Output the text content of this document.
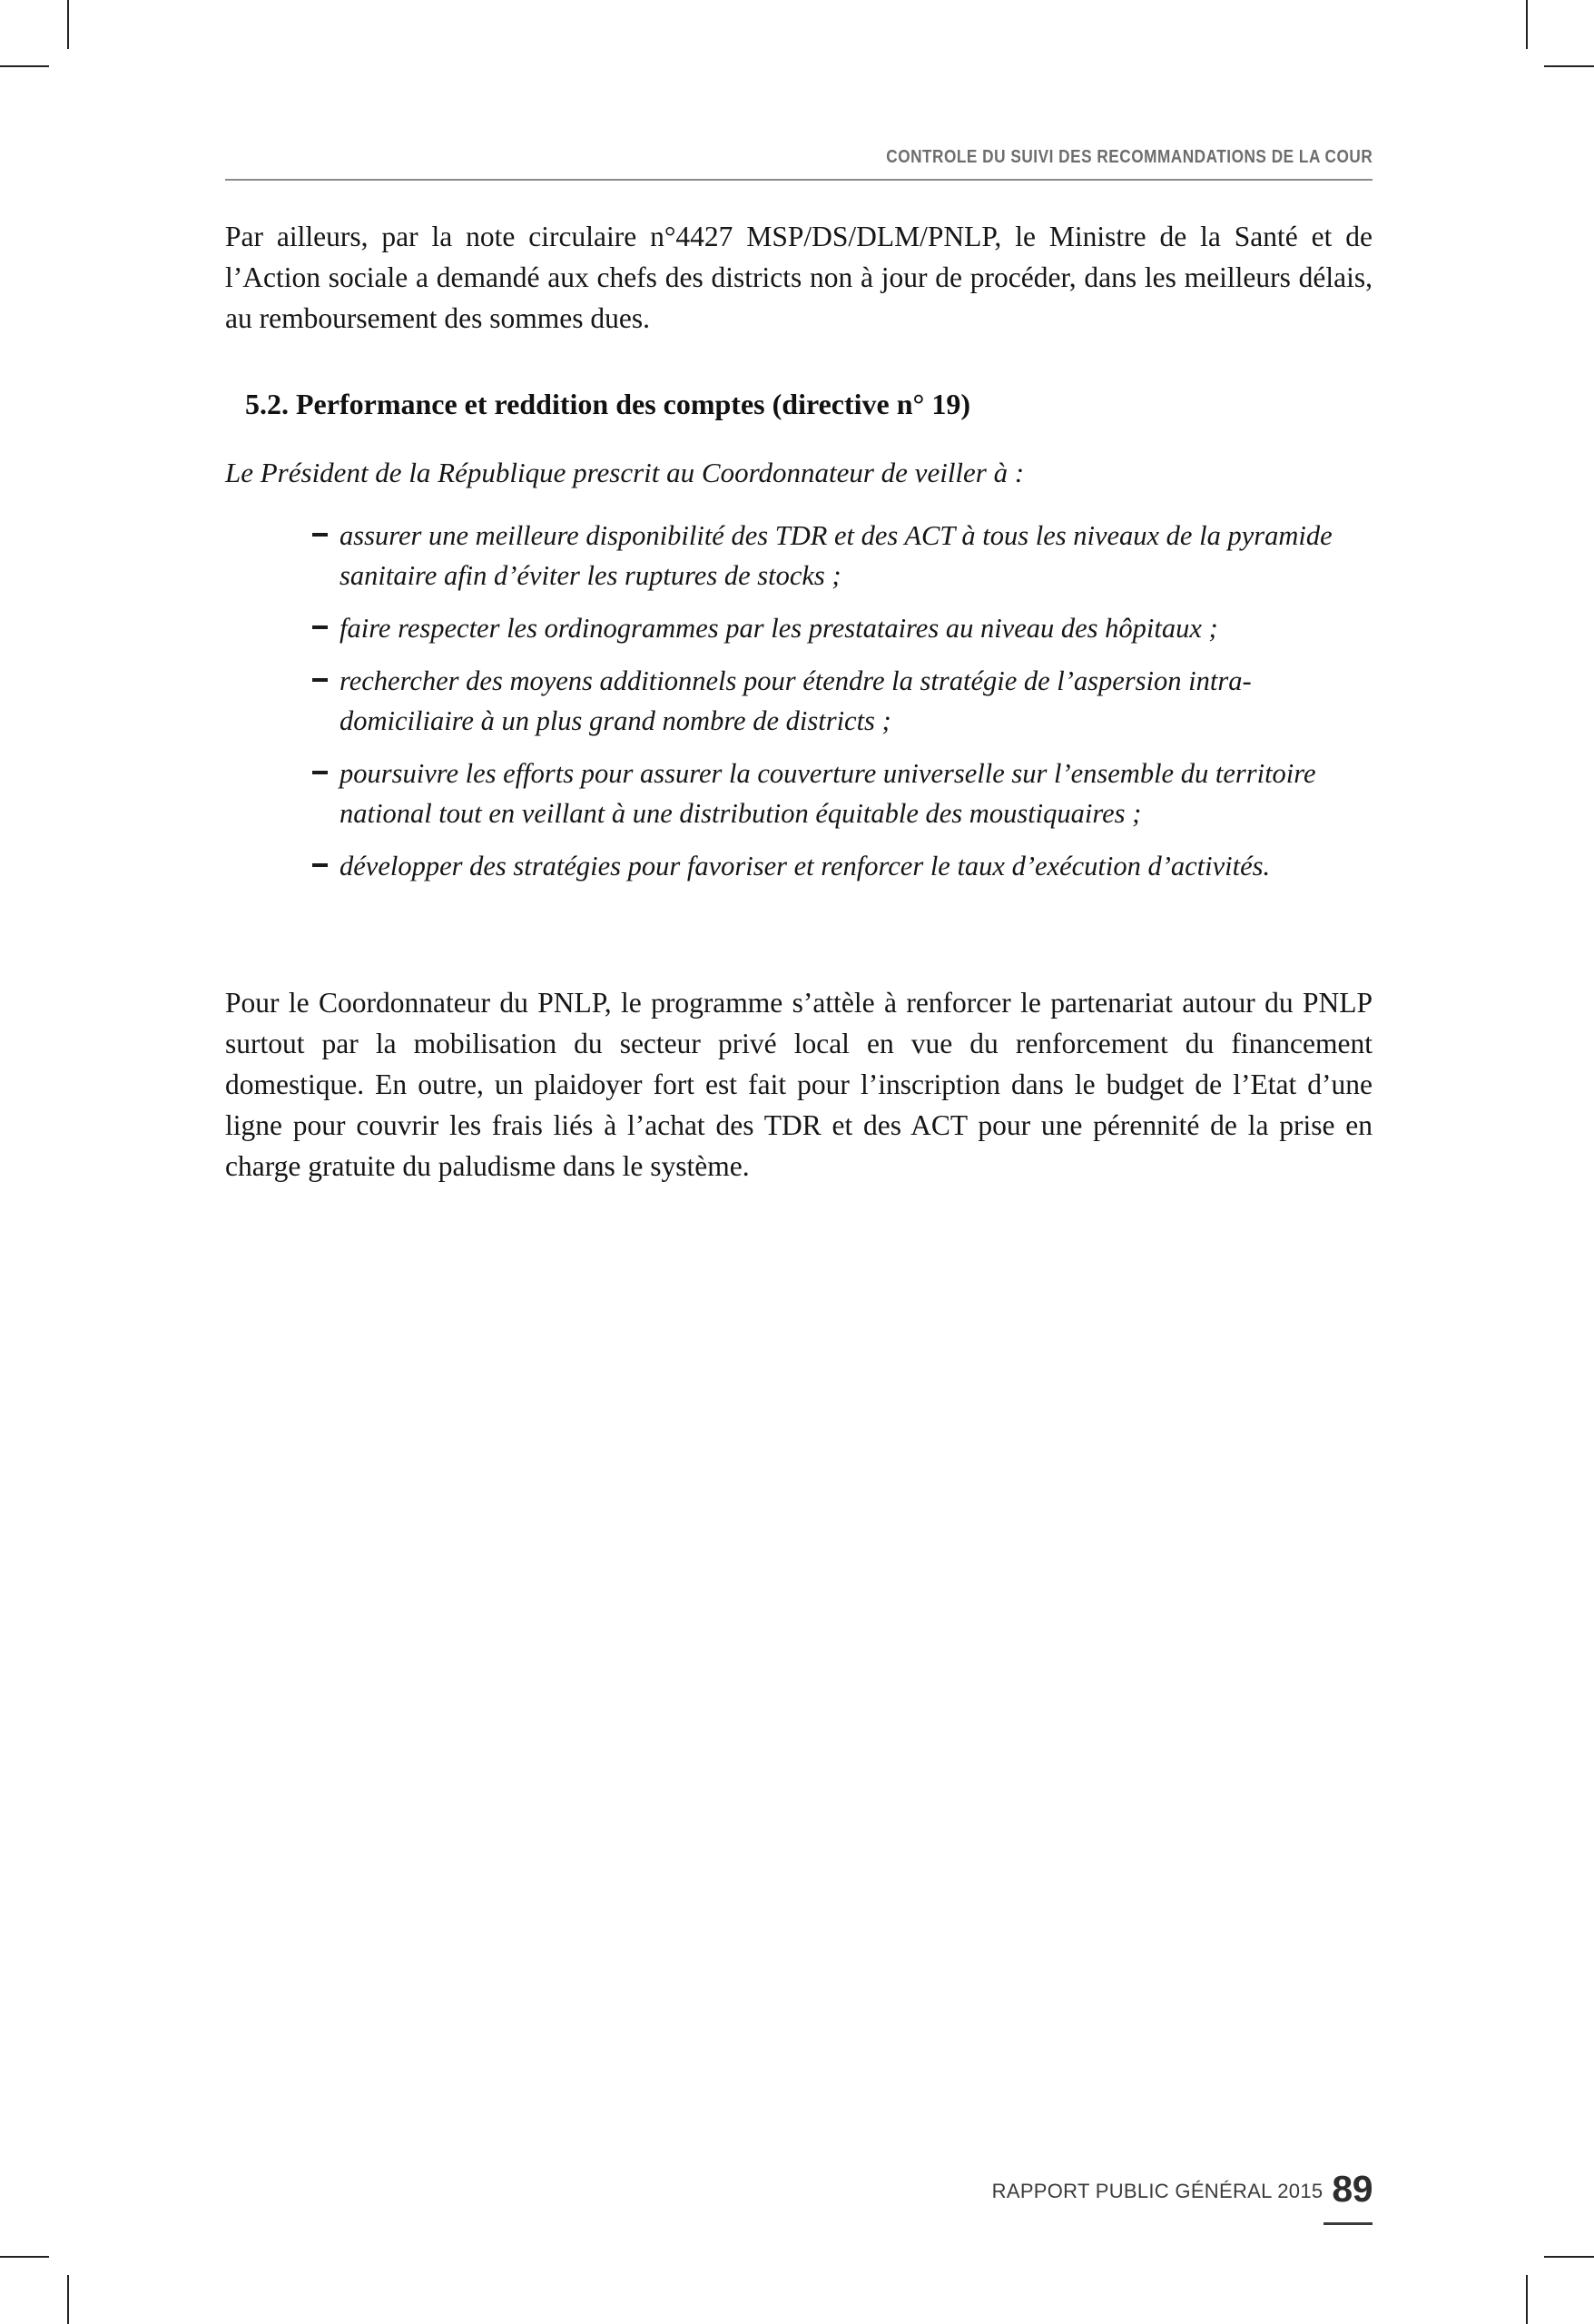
CONTROLE DU SUIVI DES RECOMMANDATIONS DE LA COUR

Par ailleurs, par la note circulaire n°4427 MSP/DS/DLM/PNLP, le Ministre de la Santé et de l’Action sociale a demandé aux chefs des districts non à jour de procéder, dans les meilleurs délais, au remboursement des sommes dues.

5.2. Performance et reddition des comptes (directive n° 19)

Le Président de la République prescrit au Coordonnateur de veiller à :

assurer une meilleure disponibilité des TDR et des ACT à tous les niveaux de la pyramide sanitaire afin d’éviter les ruptures de stocks ;
faire respecter les ordinogrammes par les prestataires au niveau des hôpitaux ;
rechercher des moyens additionnels pour étendre la stratégie de l’aspersion intra-domiciliaire à un plus grand nombre de districts ;
poursuivre les efforts pour assurer la couverture universelle sur l’ensemble du territoire national tout en veillant à une distribution équitable des moustiquaires ;
développer des stratégies pour favoriser et renforcer le taux d’exécution d’activités.

Pour le Coordonnateur du PNLP, le programme s’attèle à renforcer le partenariat autour du PNLP surtout par la mobilisation du secteur privé local en vue du renforcement du financement domestique. En outre, un plaidoyer fort est fait pour l’inscription dans le budget de l’Etat d’une ligne pour couvrir les frais liés à l’achat des TDR et des ACT pour une pérennité de la prise en charge gratuite du paludisme dans le système.

RAPPORT PUBLIC GÉNÉRAL 2015 89
